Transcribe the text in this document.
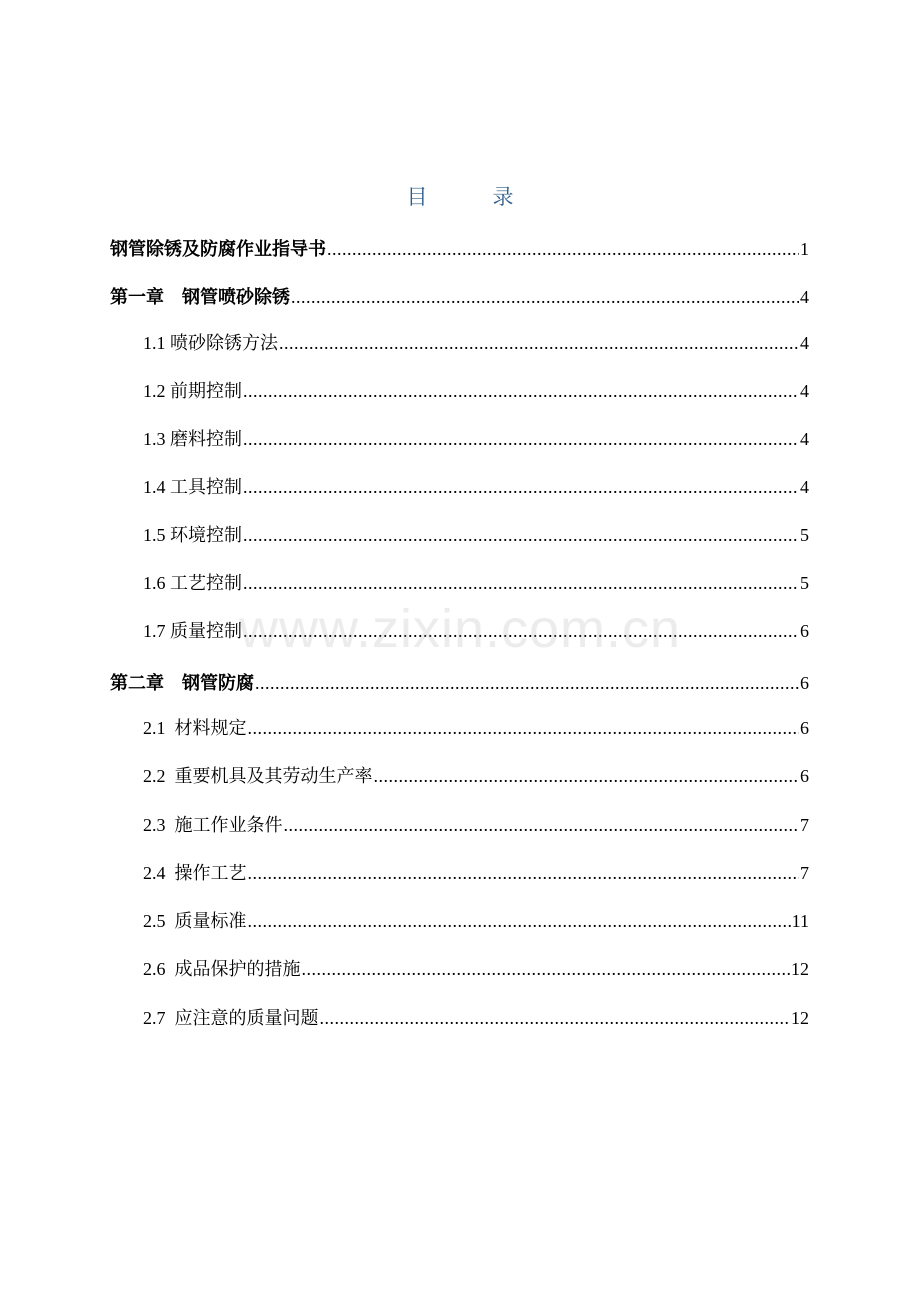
目　录
钢管除锈及防腐作业指导书 .....	1
第一章　钢管喷砂除锈 .....	4
1.1 喷砂除锈方法 .....	4
1.2 前期控制 .....	4
1.3 磨料控制 .....	4
1.4 工具控制 .....	4
1.5 环境控制 .....	5
1.6 工艺控制 .....	5
1.7 质量控制 .....	6
第二章　钢管防腐 .....	6
2.1  材料规定 .....	6
2.2  重要机具及其劳动生产率 .....	6
2.3  施工作业条件 .....	7
2.4  操作工艺 .....	7
2.5  质量标准 .....	11
2.6  成品保护的措施 .....	12
2.7  应注意的质量问题 .....	12
www.zixin.com.cn
